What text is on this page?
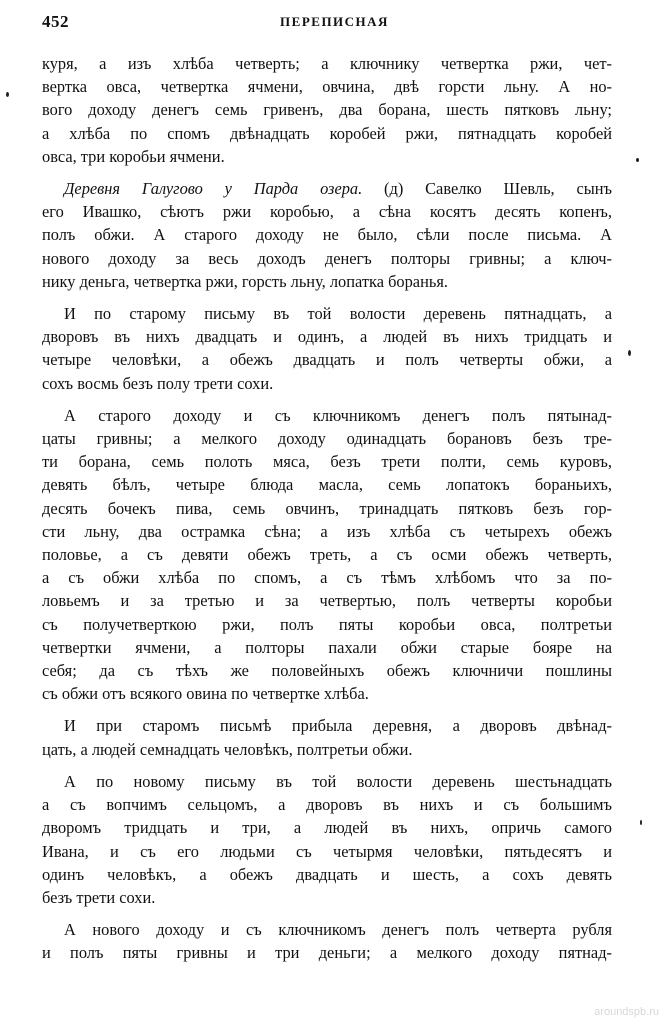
452	ПЕРЕПИСНАЯ

куря, а изъ хлѣба четверть; а ключнику четвертка ржи, чет-
вертка овса, четвертка ячмени, овчина, двѣ горсти льну. А но-
вого доходу денегъ семь гривенъ, два борана, шесть пятковъ льну;
а хлѣба по спомъ двѣнадцать коробей ржи, пятнадцать коробей
овса, три коробьи ячмени.

Деревня Галугово у Парда озера. (д) Савелко Шевль, сынъ
его Ивашко, сѣютъ ржи коробью, а сѣна косятъ десять копенъ,
полъ обжи. А старого доходу не было, сѣли после письма. А
нового доходу за весь доходъ денегъ полторы гривны; а ключ-
нику деньга, четвертка ржи, горсть льну, лопатка боранья.

И по старому письму въ той волости деревень пятнадцать, а
дворовъ въ нихъ двадцать и одинъ, а людей въ нихъ тридцать и
четыре человѣки, а обежъ двадцать и полъ четверты обжи, а
сохъ восмь безъ полу трети сохи.

А старого доходу и съ ключникомъ денегъ полъ пятынад-
цаты гривны; а мелкого доходу одинадцать борановъ безъ тре-
ти борана, семь полоть мяса, безъ трети полти, семь куровъ,
девять бѣлъ, четыре блюда масла, семь лопатокъ бораньихъ,
десять бочекъ пива, семь овчинъ, тринадцать пятковъ безъ гор-
сти льну, два острамка сѣна; а изъ хлѣба съ четырехъ обежъ
половье, а съ девяти обежъ треть, а съ осми обежъ четверть,
а съ обжи хлѣба по спомъ, а съ тѣмъ хлѣбомъ что за по-
ловьемъ и за третью и за четвертью, полъ четверты коробьи
съ получетверткою ржи, полъ пяты коробьи овса, полтретьи
четвертки ячмени, а полторы пахали обжи старые бояре на
себя; да съ тѣхъ же половейныхъ обежъ ключничи пошлины
съ обжи отъ всякого овина по четвертке хлѣба.

И при старомъ письмѣ прибыла деревня, а дворовъ двѣнад-
цать, а людей семнадцать человѣкъ, полтретьи обжи.

А по новому письму въ той волости деревень шестьнадцать
а съ вопчимъ сельцомъ, а дворовъ въ нихъ и съ большимъ
дворомъ тридцать и три, а людей въ нихъ, опричь самого
Ивана, и съ его людьми съ четырмя человѣки, пятьдесятъ и
одинъ человѣкъ, а обежъ двадцать и шесть, а сохъ девять
безъ трети сохи.

А нового доходу и съ ключникомъ денегъ полъ четверта рубля
и полъ пяты гривны и три деньги; а мелкого доходу пятнад-

aroundspb.ru
